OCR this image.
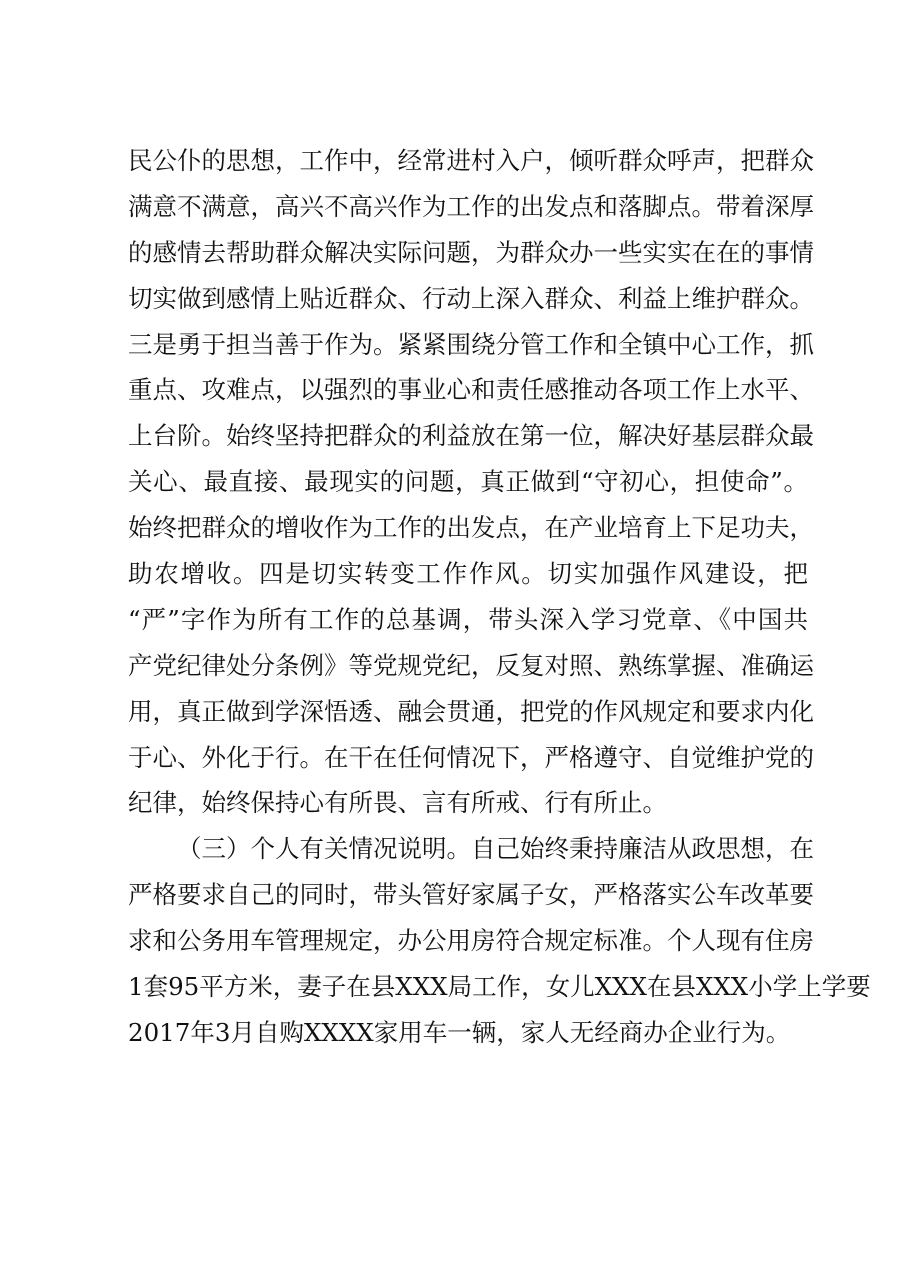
民公仆的思想，工作中，经常进村入户，倾听群众呼声，把群众
满意不满意，高兴不高兴作为工作的出发点和落脚点。带着深厚
的感情去帮助群众解决实际问题，为群众办一些实实在在的事情
切实做到感情上贴近群众、行动上深入群众、利益上维护群众。
三是勇于担当善于作为。紧紧围绕分管工作和全镇中心工作，抓
重点、攻难点，以强烈的事业心和责任感推动各项工作上水平、
上台阶。始终坚持把群众的利益放在第一位，解决好基层群众最
关心、最直接、最现实的问题，真正做到“守初心，担使命”。
始终把群众的增收作为工作的出发点，在产业培育上下足功夫，
助农增收。四是切实转变工作作风。切实加强作风建设，把
“严”字作为所有工作的总基调，带头深入学习党章、《中国共
产党纪律处分条例》等党规党纪，反复对照、熟练掌握、准确运
用，真正做到学深悟透、融会贯通，把党的作风规定和要求内化
于心、外化于行。在干在任何情况下，严格遵守、自觉维护党的
纪律，始终保持心有所畏、言有所戒、行有所止。
（三）个人有关情况说明。自己始终秉持廉洁从政思想，在
严格要求自己的同时，带头管好家属子女，严格落实公车改革要
求和公务用车管理规定，办公用房符合规定标准。个人现有住房
1套95平方米，妻子在县XXX局工作，女儿XXX在县XXX小学上学要
2017年3月自购XXXX家用车一辆，家人无经商办企业行为。
